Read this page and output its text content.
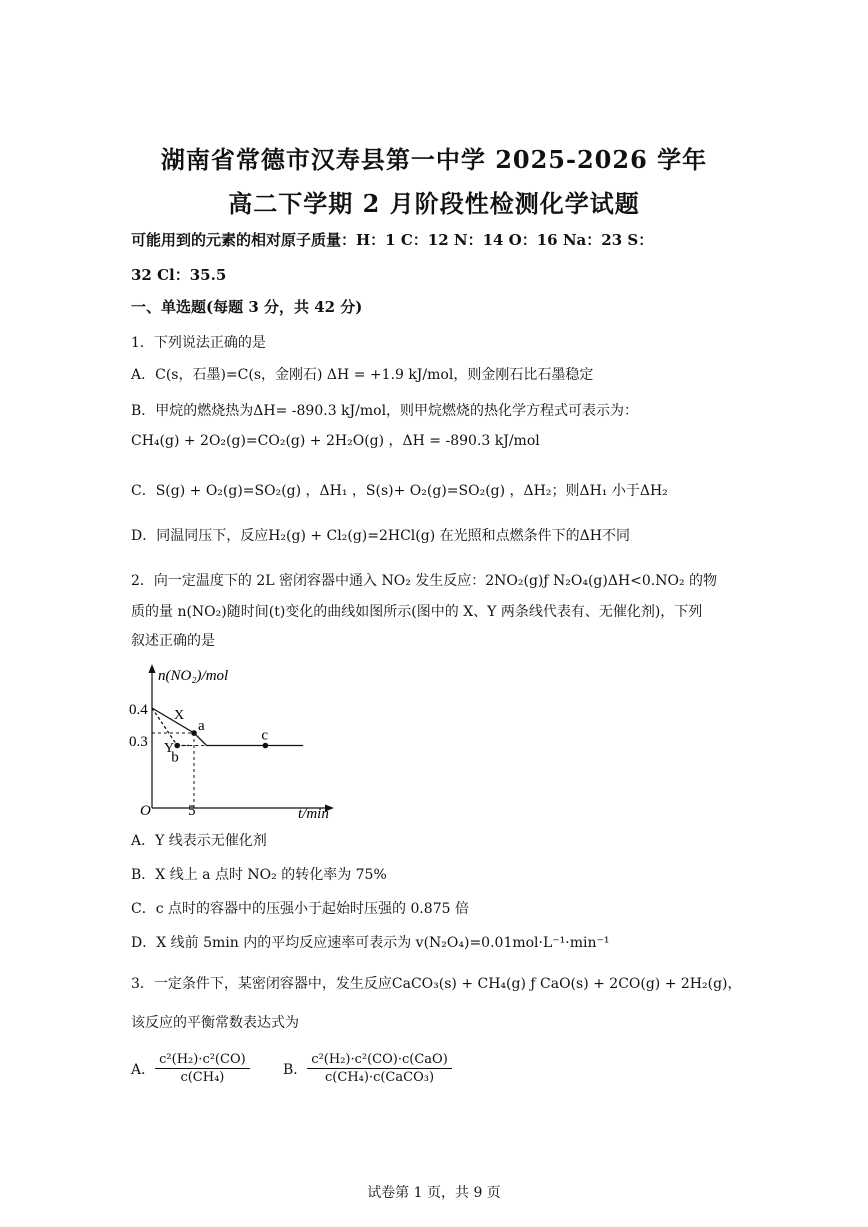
湖南省常德市汉寿县第一中学 2025-2026 学年
高二下学期 2 月阶段性检测化学试题
可能用到的元素的相对原子质量：H：1 C：12 N：14 O：16 Na：23 S：
32 Cl：35.5
一、单选题(每题 3 分，共 42 分)
1．下列说法正确的是
A．C(s，石墨)=C(s，金刚石) ΔH = +1.9 kJ/mol，则金刚石比石墨稳定
B．甲烷的燃烧热为ΔH= -890.3 kJ/mol，则甲烷燃烧的热化学方程式可表示为：
CH₄(g) + 2O₂(g)=CO₂(g) + 2H₂O(g) ，ΔH = -890.3 kJ/mol
C．S(g) + O₂(g)=SO₂(g) ，ΔH₁ ，S(s)+ O₂(g)=SO₂(g) ，ΔH₂；则ΔH₁ 小于ΔH₂
D．同温同压下，反应H₂(g) + Cl₂(g)=2HCl(g) 在光照和点燃条件下的ΔH不同
2．向一定温度下的 2L 密闭容器中通入 NO₂ 发生反应：2NO₂(g)ƒ N₂O₄(g)ΔH<0.NO₂ 的物
质的量 n(NO₂)随时间(t)变化的曲线如图所示(图中的 X、Y 两条线代表有、无催化剂)，下列
叙述正确的是
n(NO₂)/mol
t/min
O
0.4
0.3
5
a
b
c
X
Y
A．Y 线表示无催化剂
B．X 线上 a 点时 NO₂ 的转化率为 75%
C．c 点时的容器中的压强小于起始时压强的 0.875 倍
D．X 线前 5min 内的平均反应速率可表示为 v(N₂O₄)=0.01mol·L⁻¹·min⁻¹
3．一定条件下，某密闭容器中，发生反应CaCO₃(s) + CH₄(g) ƒ CaO(s) + 2CO(g) + 2H₂(g)，
该反应的平衡常数表达式为
A． $\frac{\text{c²(H₂)·c²(CO)}}{\text{c(CH₄)}}$ B． $\frac{\text{c²(H₂)·c²(CO)·c(CaO)}}{\text{c(CH₄)·c(CaCO₃)}}$
试卷第 1 页，共 9 页
